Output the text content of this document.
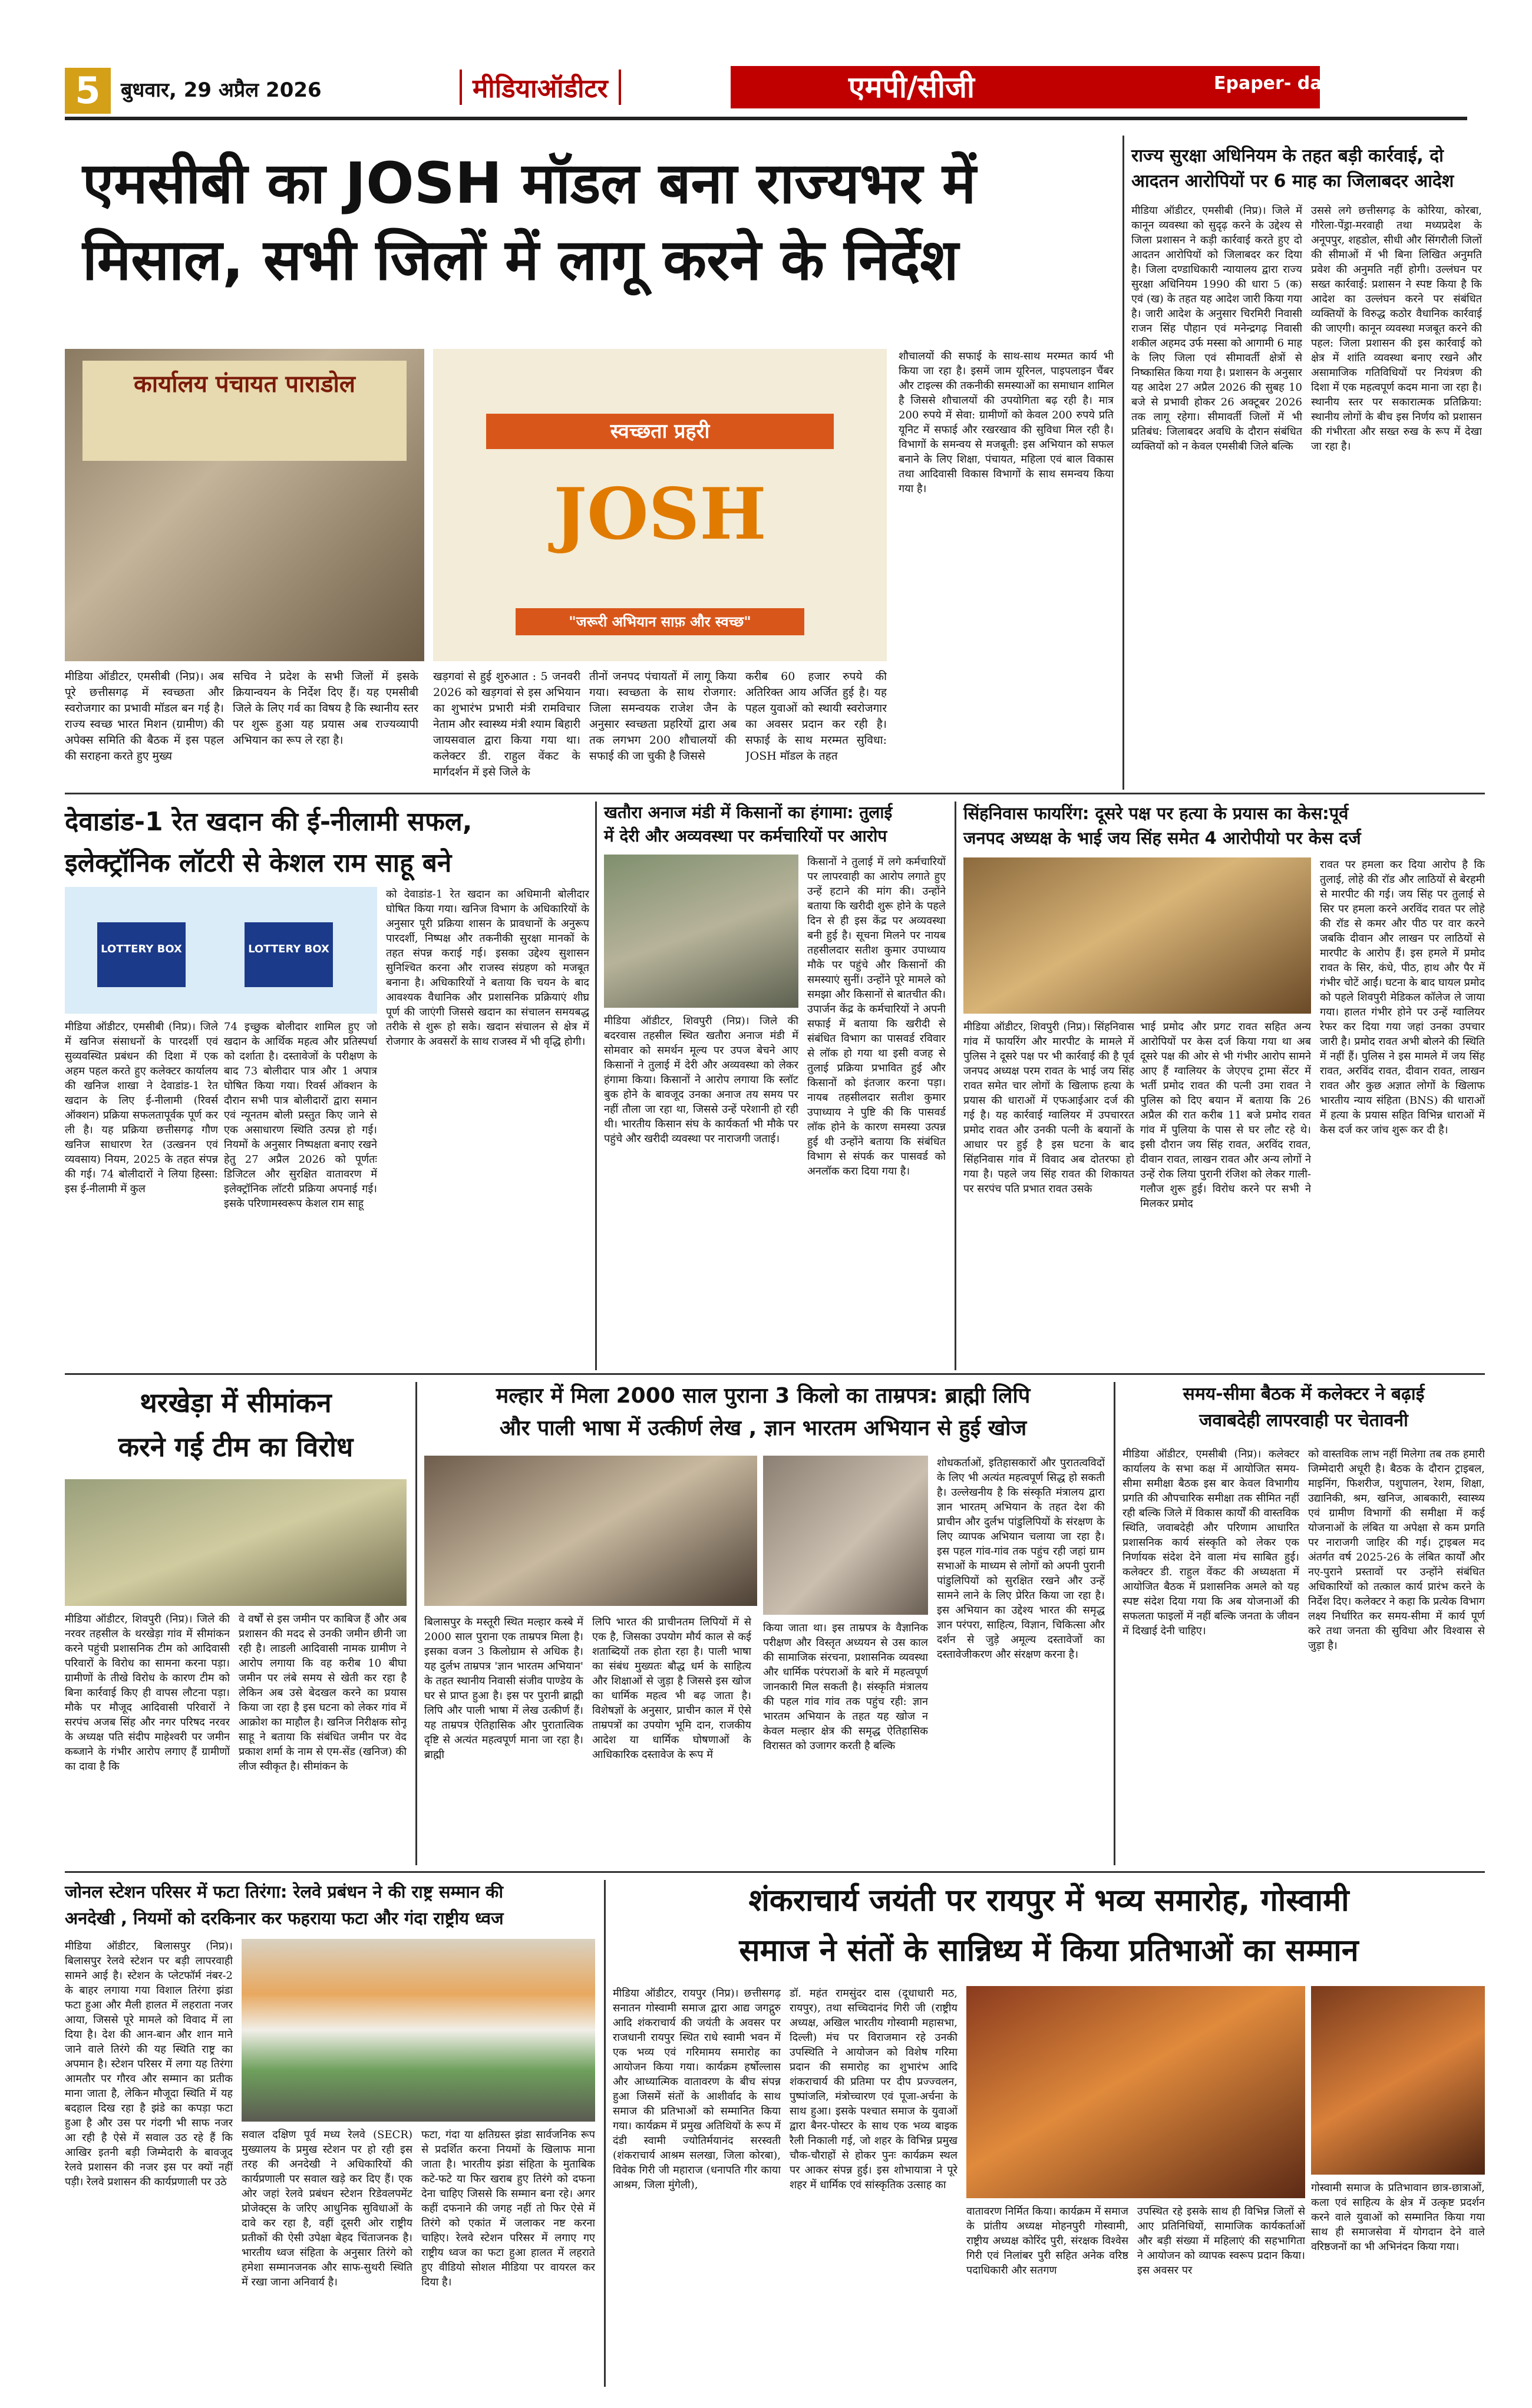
5	बुधवार, 29 अप्रैल 2026	मीडियाऑडीटर	एमपी/सीजी	Epaper- dainikmediaauditor.in
एमसीबी का JOSH मॉडल बना राज्यभर में
मिसाल, सभी जिलों में लागू करने के निर्देश
कार्यालय पंचायत पाराडोल
स्वच्छता प्रहरी
JOSH
"जरूरी अभियान साफ़ और स्वच्छ"
मीडिया ऑडीटर, एमसीबी (निप्र)। अब पूरे छत्तीसगढ़ में स्वच्छता और स्वरोजगार का प्रभावी मॉडल बन गई है। राज्य स्वच्छ भारत मिशन (ग्रामीण) की अपेक्स समिति की बैठक में इस पहल की सराहना करते हुए मुख्य
सचिव ने प्रदेश के सभी जिलों में इसके क्रियान्वयन के निर्देश दिए हैं। यह एमसीबी जिले के लिए गर्व का विषय है कि स्थानीय स्तर पर शुरू हुआ यह प्रयास अब राज्यव्यापी अभियान का रूप ले रहा है।
खड़गवां से हुई शुरुआत : 5 जनवरी 2026 को खड़गवां से इस अभियान का शुभारंभ प्रभारी मंत्री रामविचार नेताम और स्वास्थ्य मंत्री श्याम बिहारी जायसवाल द्वारा किया गया था। कलेक्टर डी. राहुल वेंकट के मार्गदर्शन में इसे जिले के
तीनों जनपद पंचायतों में लागू किया गया। स्वच्छता के साथ रोजगार: जिला समन्वयक राजेश जैन के अनुसार स्वच्छता प्रहरियों द्वारा अब तक लगभग 200 शौचालयों की सफाई की जा चुकी है जिससे
करीब 60 हजार रुपये की अतिरिक्त आय अर्जित हुई है। यह पहल युवाओं को स्थायी स्वरोजगार का अवसर प्रदान कर रही है। सफाई के साथ मरम्मत सुविधा: JOSH मॉडल के तहत
शौचालयों की सफाई के साथ-साथ मरम्मत कार्य भी किया जा रहा है। इसमें जाम यूरिनल, पाइपलाइन चैंबर और टाइल्स की तकनीकी समस्याओं का समाधान शामिल है जिससे शौचालयों की उपयोगिता बढ़ रही है। मात्र 200 रुपये में सेवा: ग्रामीणों को केवल 200 रुपये प्रति यूनिट में सफाई और रखरखाव की सुविधा मिल रही है। विभागों के समन्वय से मजबूती: इस अभियान को सफल बनाने के लिए शिक्षा, पंचायत, महिला एवं बाल विकास तथा आदिवासी विकास विभागों के साथ समन्वय किया गया है।
राज्य सुरक्षा अधिनियम के तहत बड़ी कार्रवाई, दो
आदतन आरोपियों पर 6 माह का जिलाबदर आदेश
मीडिया ऑडीटर, एमसीबी (निप्र)। जिले में कानून व्यवस्था को सुदृढ़ करने के उद्देश्य से जिला प्रशासन ने कड़ी कार्रवाई करते हुए दो आदतन आरोपियों को जिलाबदर कर दिया है। जिला दण्डाधिकारी न्यायालय द्वारा राज्य सुरक्षा अधिनियम 1990 की धारा 5 (क) एवं (ख) के तहत यह आदेश जारी किया गया है। जारी आदेश के अनुसार चिरमिरी निवासी राजन सिंह पौहान एवं मनेन्द्रगढ़ निवासी शकील अहमद उर्फ मस्सा को आगामी 6 माह के लिए जिला एवं सीमावर्ती क्षेत्रों से निष्कासित किया गया है। प्रशासन के अनुसार यह आदेश 27 अप्रैल 2026 की सुबह 10 बजे से प्रभावी होकर 26 अक्टूबर 2026 तक लागू रहेगा। सीमावर्ती जिलों में भी प्रतिबंध: जिलाबदर अवधि के दौरान संबंधित व्यक्तियों को न केवल एमसीबी जिले बल्कि
उससे लगे छत्तीसगढ़ के कोरिया, कोरबा, गौरेला-पेंड्रा-मरवाही तथा मध्यप्रदेश के अनूपपुर, शहडोल, सीधी और सिंगरौली जिलों की सीमाओं में भी बिना लिखित अनुमति प्रवेश की अनुमति नहीं होगी। उल्लंघन पर सख्त कार्रवाई: प्रशासन ने स्पष्ट किया है कि आदेश का उल्लंघन करने पर संबंधित व्यक्तियों के विरुद्ध कठोर वैधानिक कार्रवाई की जाएगी। कानून व्यवस्था मजबूत करने की पहल: जिला प्रशासन की इस कार्रवाई को क्षेत्र में शांति व्यवस्था बनाए रखने और असामाजिक गतिविधियों पर नियंत्रण की दिशा में एक महत्वपूर्ण कदम माना जा रहा है। स्थानीय स्तर पर सकारात्मक प्रतिक्रिया: स्थानीय लोगों के बीच इस निर्णय को प्रशासन की गंभीरता और सख्त रुख के रूप में देखा जा रहा है।
देवाडांड-1 रेत खदान की ई-नीलामी सफल,
इलेक्ट्रॉनिक लॉटरी से केशल राम साहू बने
LOTTERY BOX	LOTTERY BOX
मीडिया ऑडीटर, एमसीबी (निप्र)। जिले में खनिज संसाधनों के पारदर्शी एवं सुव्यवस्थित प्रबंधन की दिशा में एक अहम पहल करते हुए कलेक्टर कार्यालय की खनिज शाखा ने देवाडांड-1 रेत खदान के लिए ई-नीलामी (रिवर्स ऑक्शन) प्रक्रिया सफलतापूर्वक पूर्ण कर ली है। यह प्रक्रिया छत्तीसगढ़ गौण खनिज साधारण रेत (उत्खनन एवं व्यवसाय) नियम, 2025 के तहत संपन्न की गई। 74 बोलीदारों ने लिया हिस्सा: इस ई-नीलामी में कुल
74 इच्छुक बोलीदार शामिल हुए जो खदान के आर्थिक महत्व और प्रतिस्पर्धा को दर्शाता है। दस्तावेजों के परीक्षण के बाद 73 बोलीदार पात्र और 1 अपात्र घोषित किया गया। रिवर्स ऑक्शन के दौरान सभी पात्र बोलीदारों द्वारा समान एवं न्यूनतम बोली प्रस्तुत किए जाने से एक असाधारण स्थिति उत्पन्न हो गई। नियमों के अनुसार निष्पक्षता बनाए रखने हेतु 27 अप्रैल 2026 को पूर्णतः डिजिटल और सुरक्षित वातावरण में इलेक्ट्रॉनिक लॉटरी प्रक्रिया अपनाई गई। इसके परिणामस्वरूप केशल राम साहू
को देवाडांड-1 रेत खदान का अधिमानी बोलीदार घोषित किया गया। खनिज विभाग के अधिकारियों के अनुसार पूरी प्रक्रिया शासन के प्रावधानों के अनुरूप पारदर्शी, निष्पक्ष और तकनीकी सुरक्षा मानकों के तहत संपन्न कराई गई। इसका उद्देश्य सुशासन सुनिश्चित करना और राजस्व संग्रहण को मजबूत बनाना है। अधिकारियों ने बताया कि चयन के बाद आवश्यक वैधानिक और प्रशासनिक प्रक्रियाएं शीघ्र पूर्ण की जाएंगी जिससे खदान का संचालन समयबद्ध तरीके से शुरू हो सके। खदान संचालन से क्षेत्र में रोजगार के अवसरों के साथ राजस्व में भी वृद्धि होगी।
खतौरा अनाज मंडी में किसानों का हंगामा: तुलाई
में देरी और अव्यवस्था पर कर्मचारियों पर आरोप
मीडिया ऑडीटर, शिवपुरी (निप्र)। जिले की बदरवास तहसील स्थित खतौरा अनाज मंडी में सोमवार को समर्थन मूल्य पर उपज बेचने आए किसानों ने तुलाई में देरी और अव्यवस्था को लेकर हंगामा किया। किसानों ने आरोप लगाया कि स्लॉट बुक होने के बावजूद उनका अनाज तय समय पर नहीं तौला जा रहा था, जिससे उन्हें परेशानी हो रही थी। भारतीय किसान संघ के कार्यकर्ता भी मौके पर पहुंचे और खरीदी व्यवस्था पर नाराजगी जताई।
किसानों ने तुलाई में लगे कर्मचारियों पर लापरवाही का आरोप लगाते हुए उन्हें हटाने की मांग की। उन्होंने बताया कि खरीदी शुरू होने के पहले दिन से ही इस केंद्र पर अव्यवस्था बनी हुई है। सूचना मिलने पर नायब तहसीलदार सतीश कुमार उपाध्याय मौके पर पहुंचे और किसानों की समस्याएं सुनीं। उन्होंने पूरे मामले को समझा और किसानों से बातचीत की। उपार्जन केंद्र के कर्मचारियों ने अपनी सफाई में बताया कि खरीदी से संबंधित विभाग का पासवर्ड रविवार से लॉक हो गया था इसी वजह से तुलाई प्रक्रिया प्रभावित हुई और किसानों को इंतजार करना पड़ा। नायब तहसीलदार सतीश कुमार उपाध्याय ने पुष्टि की कि पासवर्ड लॉक होने के कारण समस्या उत्पन्न हुई थी उन्होंने बताया कि संबंधित विभाग से संपर्क कर पासवर्ड को अनलॉक करा दिया गया है।
सिंहनिवास फायरिंग: दूसरे पक्ष पर हत्या के प्रयास का केस:पूर्व
जनपद अध्यक्ष के भाई जय सिंह समेत 4 आरोपीयो पर केस दर्ज
मीडिया ऑडीटर, शिवपुरी (निप्र)। सिंहनिवास गांव में फायरिंग और मारपीट के मामले में पुलिस ने दूसरे पक्ष पर भी कार्रवाई की है पूर्व जनपद अध्यक्ष परम रावत के भाई जय सिंह रावत समेत चार लोगों के खिलाफ हत्या के प्रयास की धाराओं में एफआईआर दर्ज की गई है। यह कार्रवाई ग्वालियर में उपचाररत प्रमोद रावत और उनकी पत्नी के बयानों के आधार पर हुई है इस घटना के बाद सिंहनिवास गांव में विवाद अब दोतरफा हो गया है। पहले जय सिंह रावत की शिकायत पर सरपंच पति प्रभात रावत उसके
भाई प्रमोद और प्रगट रावत सहित अन्य आरोपियों पर केस दर्ज किया गया था अब दूसरे पक्ष की ओर से भी गंभीर आरोप सामने आए हैं ग्वालियर के जेएएच ट्रामा सेंटर में भर्ती प्रमोद रावत की पत्नी उमा रावत ने पुलिस को दिए बयान में बताया कि 26 अप्रैल की रात करीब 11 बजे प्रमोद रावत गांव में पुलिया के पास से घर लौट रहे थे। इसी दौरान जय सिंह रावत, अरविंद रावत, दीवान रावत, लाखन रावत और अन्य लोगों ने उन्हें रोक लिया पुरानी रंजिश को लेकर गाली-गलौज शुरू हुई। विरोध करने पर सभी ने मिलकर प्रमोद
रावत पर हमला कर दिया आरोप है कि तुलाई, लोहे की रॉड और लाठियों से बेरहमी से मारपीट की गई। जय सिंह पर तुलाई से सिर पर हमला करने अरविंद रावत पर लोहे की रॉड से कमर और पीठ पर वार करने जबकि दीवान और लाखन पर लाठियों से मारपीट के आरोप हैं। इस हमले में प्रमोद रावत के सिर, कंधे, पीठ, हाथ और पैर में गंभीर चोटें आईं। घटना के बाद घायल प्रमोद को पहले शिवपुरी मेडिकल कॉलेज ले जाया गया। हालत गंभीर होने पर उन्हें ग्वालियर रेफर कर दिया गया जहां उनका उपचार जारी है। प्रमोद रावत अभी बोलने की स्थिति में नहीं हैं। पुलिस ने इस मामले में जय सिंह रावत, अरविंद रावत, दीवान रावत, लाखन रावत और कुछ अज्ञात लोगों के खिलाफ भारतीय न्याय संहिता (BNS) की धाराओं में हत्या के प्रयास सहित विभिन्न धाराओं में केस दर्ज कर जांच शुरू कर दी है।
थरखेड़ा में सीमांकन
करने गई टीम का विरोध
मीडिया ऑडीटर, शिवपुरी (निप्र)। जिले की नरवर तहसील के थरखेड़ा गांव में सीमांकन करने पहुंची प्रशासनिक टीम को आदिवासी परिवारों के विरोध का सामना करना पड़ा। ग्रामीणों के तीखे विरोध के कारण टीम को बिना कार्रवाई किए ही वापस लौटना पड़ा। मौके पर मौजूद आदिवासी परिवारों ने सरपंच अजब सिंह और नगर परिषद नरवर के अध्यक्ष पति संदीप माहेश्वरी पर जमीन कब्जाने के गंभीर आरोप लगाए हैं ग्रामीणों का दावा है कि
वे वर्षों से इस जमीन पर काबिज हैं और अब प्रशासन की मदद से उनकी जमीन छीनी जा रही है। लाडली आदिवासी नामक ग्रामीण ने आरोप लगाया कि वह करीब 10 बीघा जमीन पर लंबे समय से खेती कर रहा है लेकिन अब उसे बेदखल करने का प्रयास किया जा रहा है इस घटना को लेकर गांव में आक्रोश का माहौल है। खनिज निरीक्षक सोनू साहू ने बताया कि संबंधित जमीन पर वेद प्रकाश शर्मा के नाम से एम-सेंड (खनिज) की लीज स्वीकृत है। सीमांकन के
मल्हार में मिला 2000 साल पुराना 3 किलो का ताम्रपत्र: ब्राह्मी लिपि
और पाली भाषा में उत्कीर्ण लेख , ज्ञान भारतम अभियान से हुई खोज
बिलासपुर के मस्तूरी स्थित मल्हार कस्बे में 2000 साल पुराना एक ताम्रपत्र मिला है। इसका वजन 3 किलोग्राम से अधिक है। यह दुर्लभ ताम्रपत्र 'ज्ञान भारतम अभियान' के तहत स्थानीय निवासी संजीव पाण्डेय के घर से प्राप्त हुआ है। इस पर पुरानी ब्राह्मी लिपि और पाली भाषा में लेख उत्कीर्ण हैं। यह ताम्रपत्र ऐतिहासिक और पुरातात्विक दृष्टि से अत्यंत महत्वपूर्ण माना जा रहा है। ब्राह्मी
लिपि भारत की प्राचीनतम लिपियों में से एक है, जिसका उपयोग मौर्य काल से कई शताब्दियों तक होता रहा है। पाली भाषा का संबंध मुख्यतः बौद्ध धर्म के साहित्य और शिक्षाओं से जुड़ा है जिससे इस खोज का धार्मिक महत्व भी बढ़ जाता है। विशेषज्ञों के अनुसार, प्राचीन काल में ऐसे ताम्रपत्रों का उपयोग भूमि दान, राजकीय आदेश या धार्मिक घोषणाओं के आधिकारिक दस्तावेज के रूप में
किया जाता था। इस ताम्रपत्र के वैज्ञानिक परीक्षण और विस्तृत अध्ययन से उस काल की सामाजिक संरचना, प्रशासनिक व्यवस्था और धार्मिक परंपराओं के बारे में महत्वपूर्ण जानकारी मिल सकती है। संस्कृति मंत्रालय की पहल गांव गांव तक पहुंच रही: ज्ञान भारतम अभियान के तहत यह खोज न केवल मल्हार क्षेत्र की समृद्ध ऐतिहासिक विरासत को उजागर करती है बल्कि
शोधकर्ताओं, इतिहासकारों और पुरातत्वविदों के लिए भी अत्यंत महत्वपूर्ण सिद्ध हो सकती है। उल्लेखनीय है कि संस्कृति मंत्रालय द्वारा ज्ञान भारतम् अभियान के तहत देश की प्राचीन और दुर्लभ पांडुलिपियों के संरक्षण के लिए व्यापक अभियान चलाया जा रहा है। इस पहल गांव-गांव तक पहुंच रही जहां ग्राम सभाओं के माध्यम से लोगों को अपनी पुरानी पांडुलिपियों को सुरक्षित रखने और उन्हें सामने लाने के लिए प्रेरित किया जा रहा है। इस अभियान का उद्देश्य भारत की समृद्ध ज्ञान परंपरा, साहित्य, विज्ञान, चिकित्सा और दर्शन से जुड़े अमूल्य दस्तावेजों का दस्तावेजीकरण और संरक्षण करना है।
समय-सीमा बैठक में कलेक्टर ने बढ़ाई
जवाबदेही लापरवाही पर चेतावनी
मीडिया ऑडीटर, एमसीबी (निप्र)। कलेक्टर कार्यालय के सभा कक्ष में आयोजित समय-सीमा समीक्षा बैठक इस बार केवल विभागीय प्रगति की औपचारिक समीक्षा तक सीमित नहीं रही बल्कि जिले में विकास कार्यों की वास्तविक स्थिति, जवाबदेही और परिणाम आधारित प्रशासनिक कार्य संस्कृति को लेकर एक निर्णायक संदेश देने वाला मंच साबित हुई। कलेक्टर डी. राहुल वेंकट की अध्यक्षता में आयोजित बैठक में प्रशासनिक अमले को यह स्पष्ट संदेश दिया गया कि अब योजनाओं की सफलता फाइलों में नहीं बल्कि जनता के जीवन में दिखाई देनी चाहिए।
को वास्तविक लाभ नहीं मिलेगा तब तक हमारी जिम्मेदारी अधूरी है। बैठक के दौरान ट्राइबल, माइनिंग, फिशरीज, पशुपालन, रेशम, शिक्षा, उद्यानिकी, श्रम, खनिज, आबकारी, स्वास्थ्य एवं ग्रामीण विभागों की समीक्षा में कई योजनाओं के लंबित या अपेक्षा से कम प्रगति पर नाराजगी जाहिर की गई। ट्राइबल मद अंतर्गत वर्ष 2025-26 के लंबित कार्यों और नए-पुराने प्रस्तावों पर उन्होंने संबंधित अधिकारियों को तत्काल कार्य प्रारंभ करने के निर्देश दिए। कलेक्टर ने कहा कि प्रत्येक विभाग लक्ष्य निर्धारित कर समय-सीमा में कार्य पूर्ण करे तथा जनता की सुविधा और विश्वास से जुड़ा है।
जोनल स्टेशन परिसर में फटा तिरंगा: रेलवे प्रबंधन ने की राष्ट्र सम्मान की
अनदेखी , नियमों को दरकिनार कर फहराया फटा और गंदा राष्ट्रीय ध्वज
मीडिया ऑडीटर, बिलासपुर (निप्र)। बिलासपुर रेलवे स्टेशन पर बड़ी लापरवाही सामने आई है। स्टेशन के प्लेटफॉर्म नंबर-2 के बाहर लगाया गया विशाल तिरंगा झंडा फटा हुआ और मैली हालत में लहराता नजर आया, जिससे पूरे मामले को विवाद में ला दिया है। देश की आन-बान और शान माने जाने वाले तिरंगे की यह स्थिति राष्ट्र का अपमान है। स्टेशन परिसर में लगा यह तिरंगा आमतौर पर गौरव और सम्मान का प्रतीक माना जाता है, लेकिन मौजूदा स्थिति में यह बदहाल दिख रहा है झंडे का कपड़ा फटा हुआ है और उस पर गंदगी भी साफ नजर आ रही है ऐसे में सवाल उठ रहे हैं कि आखिर इतनी बड़ी जिम्मेदारी के बावजूद रेलवे प्रशासन की नजर इस पर क्यों नहीं पड़ी। रेलवे प्रशासन की कार्यप्रणाली पर उठे
सवाल दक्षिण पूर्व मध्य रेलवे (SECR) मुख्यालय के प्रमुख स्टेशन पर हो रही इस तरह की अनदेखी ने अधिकारियों की कार्यप्रणाली पर सवाल खड़े कर दिए हैं। एक ओर जहां रेलवे प्रबंधन स्टेशन रिडेवलपमेंट प्रोजेक्ट्स के जरिए आधुनिक सुविधाओं के दावे कर रहा है, वहीं दूसरी ओर राष्ट्रीय प्रतीकों की ऐसी उपेक्षा बेहद चिंताजनक है। भारतीय ध्वज संहिता के अनुसार तिरंगे को हमेशा सम्मानजनक और साफ-सुथरी स्थिति में रखा जाना अनिवार्य है।
फटा, गंदा या क्षतिग्रस्त झंडा सार्वजनिक रूप से प्रदर्शित करना नियमों के खिलाफ माना जाता है। भारतीय झंडा संहिता के मुताबिक कटे-फटे या फिर खराब हुए तिरंगे को दफना देना चाहिए जिससे कि सम्मान बना रहे। अगर कहीं दफनाने की जगह नहीं तो फिर ऐसे में तिरंगे को एकांत में जलाकर नष्ट करना चाहिए। रेलवे स्टेशन परिसर में लगाए गए राष्ट्रीय ध्वज का फटा हुआ हालत में लहराते हुए वीडियो सोशल मीडिया पर वायरल कर दिया है।
शंकराचार्य जयंती पर रायपुर में भव्य समारोह, गोस्वामी
समाज ने संतों के सान्निध्य में किया प्रतिभाओं का सम्मान
मीडिया ऑडीटर, रायपुर (निप्र)। छत्तीसगढ़ सनातन गोस्वामी समाज द्वारा आद्य जगद्गुरु आदि शंकराचार्य की जयंती के अवसर पर राजधानी रायपुर स्थित राधे स्वामी भवन में एक भव्य एवं गरिमामय समारोह का आयोजन किया गया। कार्यक्रम हर्षोल्लास और आध्यात्मिक वातावरण के बीच संपन्न हुआ जिसमें संतों के आशीर्वाद के साथ समाज की प्रतिभाओं को सम्मानित किया गया। कार्यक्रम में प्रमुख अतिथियों के रूप में दंडी स्वामी ज्योतिर्मयानंद सरस्वती (शंकराचार्य आश्रम सलखा, जिला कोरबा), विवेक गिरी जी महाराज (धनापति गीर काया आश्रम, जिला मुंगेली),
डॉ. महंत रामसुंदर दास (दूधाधारी मठ, रायपुर), तथा सच्चिदानंद गिरी जी (राष्ट्रीय अध्यक्ष, अखिल भारतीय गोस्वामी महासभा, दिल्ली) मंच पर विराजमान रहे उनकी उपस्थिति ने आयोजन को विशेष गरिमा प्रदान की समारोह का शुभारंभ आदि शंकराचार्य की प्रतिमा पर दीप प्रज्ज्वलन, पुष्पांजलि, मंत्रोच्चारण एवं पूजा-अर्चना के साथ हुआ। इसके पश्चात समाज के युवाओं द्वारा बैनर-पोस्टर के साथ एक भव्य बाइक रैली निकाली गई, जो शहर के विभिन्न प्रमुख चौक-चौराहों से होकर पुनः कार्यक्रम स्थल पर आकर संपन्न हुई। इस शोभायात्रा ने पूरे शहर में धार्मिक एवं सांस्कृतिक उत्साह का
वातावरण निर्मित किया। कार्यक्रम में समाज के प्रांतीय अध्यक्ष मोहनपुरी गोस्वामी, राष्ट्रीय अध्यक्ष कोरिंद पुरी, संरक्षक विश्वेस गिरी एवं निलांबर पुरी सहित अनेक वरिष्ठ पदाधिकारी और सतगण
उपस्थित रहे इसके साथ ही विभिन्न जिलों से आए प्रतिनिधियों, सामाजिक कार्यकर्ताओं और बड़ी संख्या में महिलाएं की सहभागिता ने आयोजन को व्यापक स्वरूप प्रदान किया। इस अवसर पर
गोस्वामी समाज के प्रतिभावान छात्र-छात्राओं, कला एवं साहित्य के क्षेत्र में उत्कृष्ट प्रदर्शन करने वाले युवाओं को सम्मानित किया गया साथ ही समाजसेवा में योगदान देने वाले वरिष्ठजनों का भी अभिनंदन किया गया।
